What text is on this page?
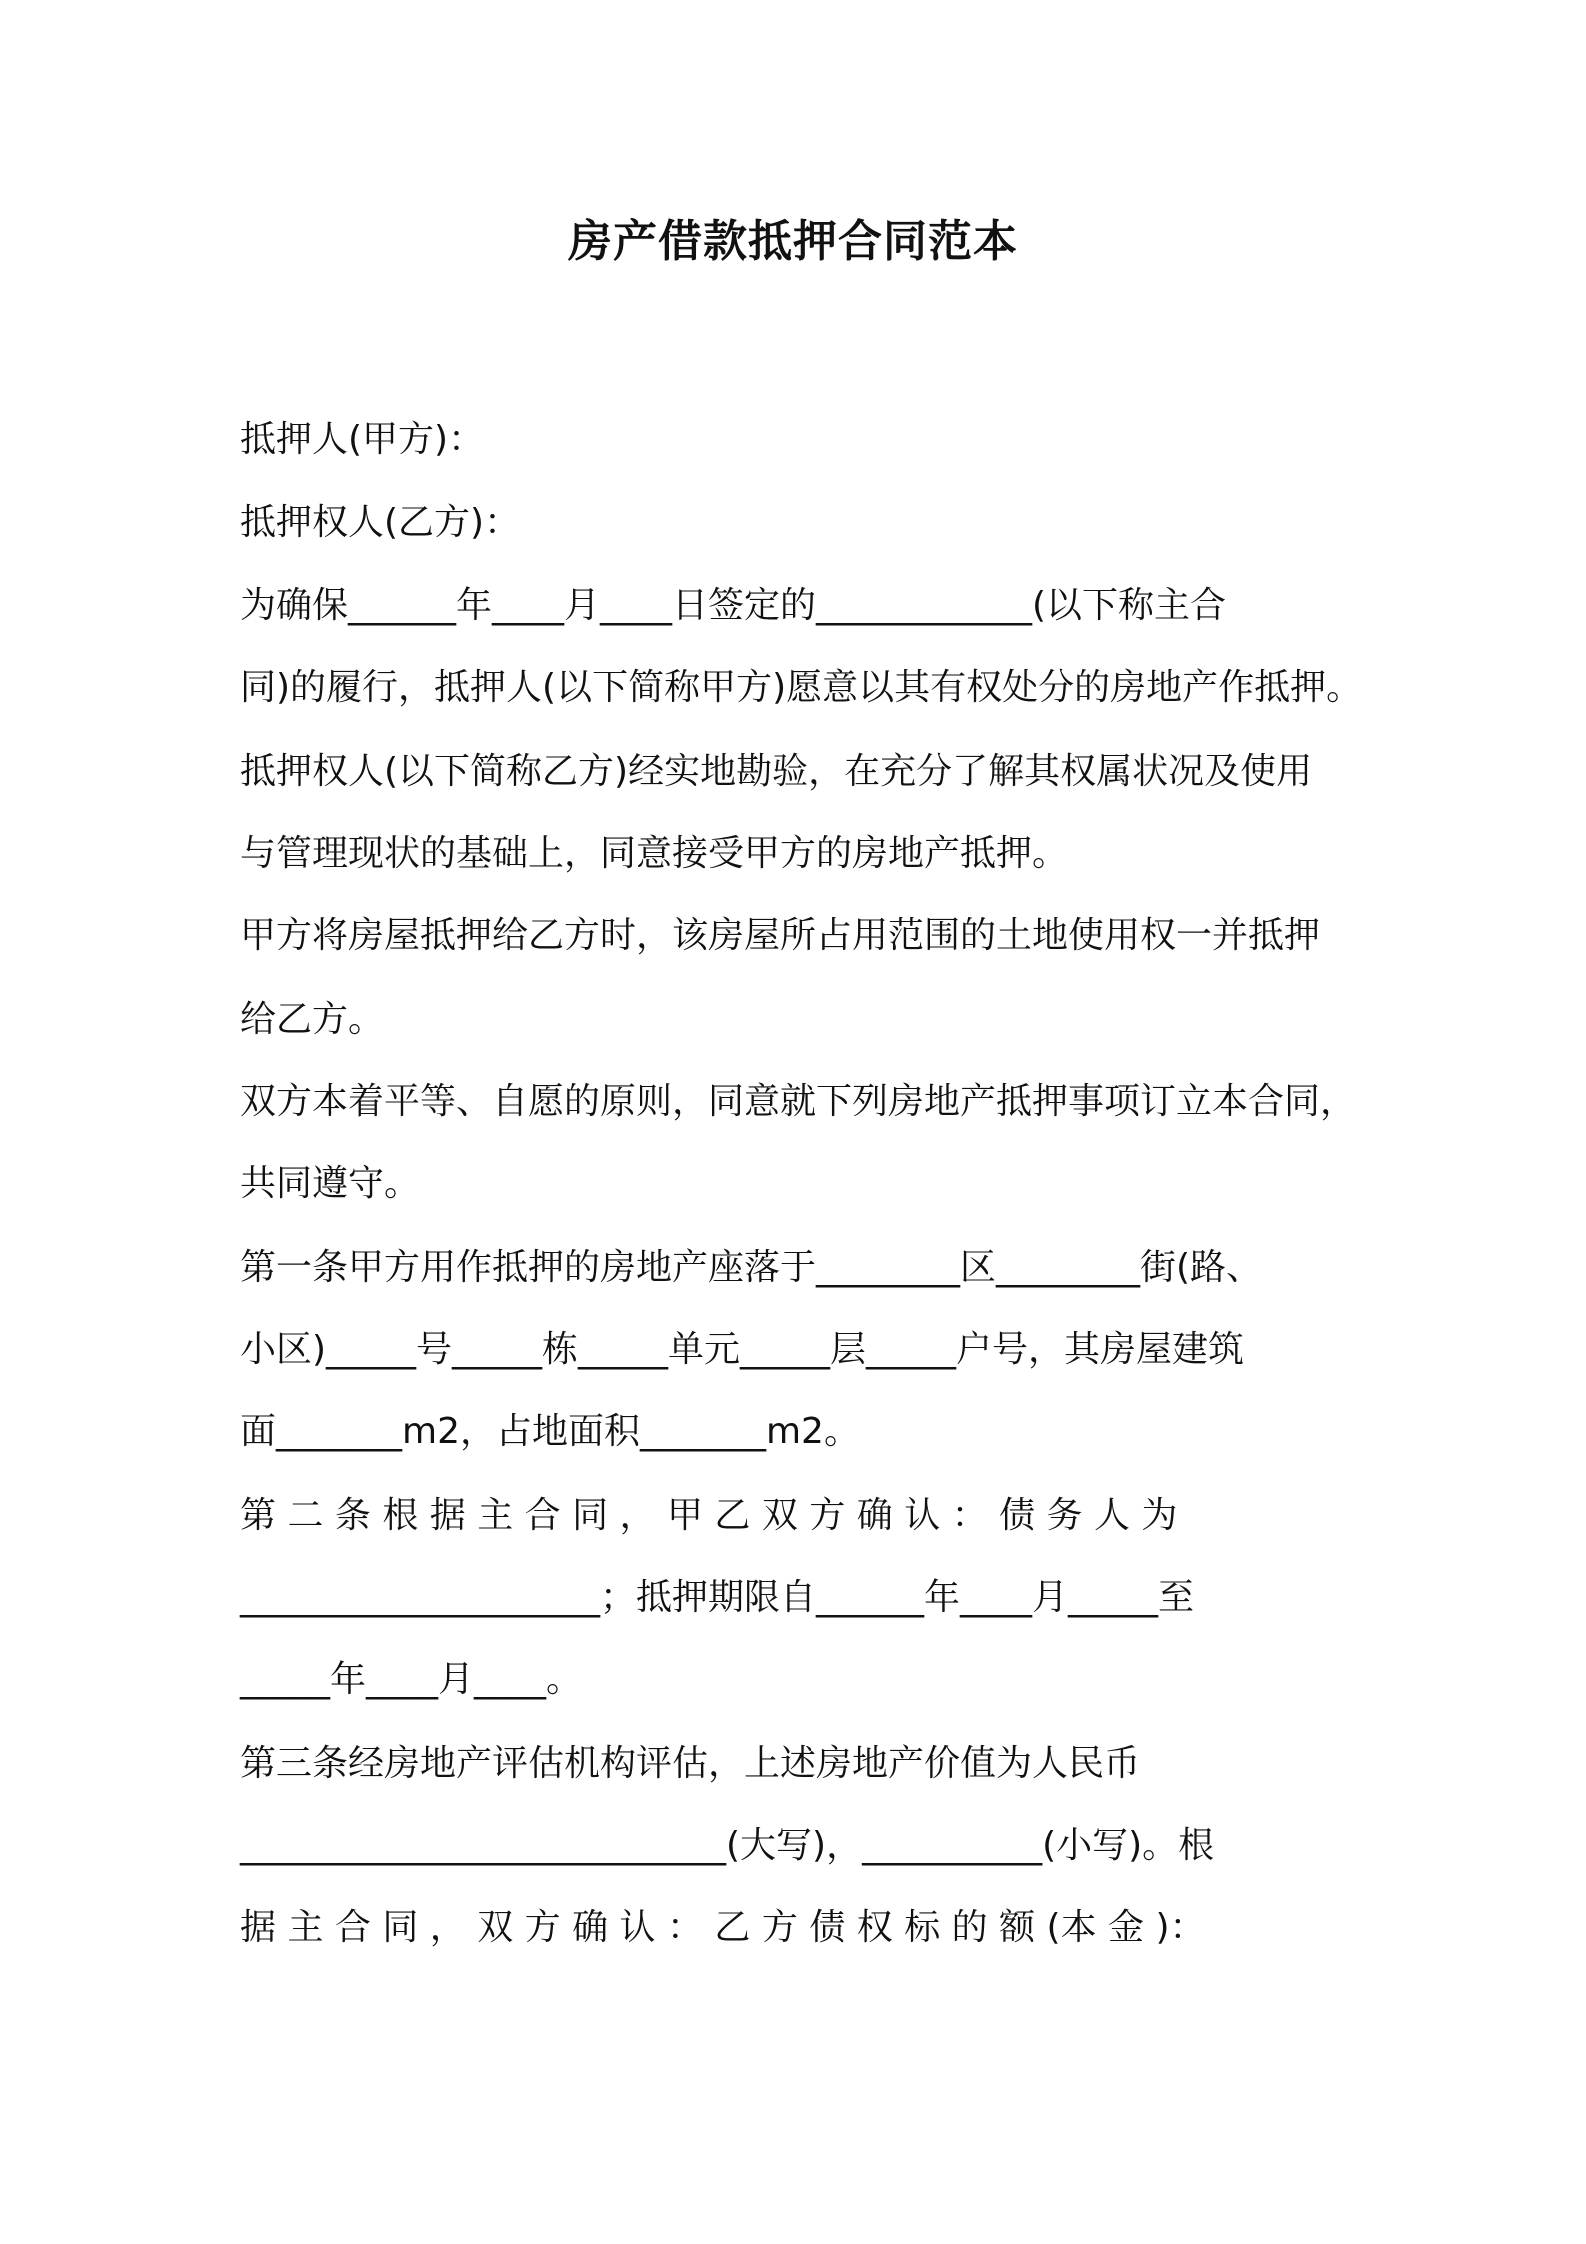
房产借款抵押合同范本
抵押人(甲方)：
抵押权人(乙方)：
为确保______年____月____日签定的____________(以下称主合
同)的履行，抵押人(以下简称甲方)愿意以其有权处分的房地产作抵押。
抵押权人(以下简称乙方)经实地勘验，在充分了解其权属状况及使用
与管理现状的基础上，同意接受甲方的房地产抵押。
甲方将房屋抵押给乙方时，该房屋所占用范围的土地使用权一并抵押
给乙方。
双方本着平等、自愿的原则，同意就下列房地产抵押事项订立本合同，
共同遵守。
第一条甲方用作抵押的房地产座落于________区________街(路、
小区)_____号_____栋_____单元_____层_____户号，其房屋建筑
面_______m2，占地面积_______m2。
第 二 条 根 据 主 合 同 ， 甲 乙 双 方 确 认 ： 债 务 人 为
____________________；抵押期限自______年____月_____至
_____年____月____。
第三条经房地产评估机构评估，上述房地产价值为人民币
___________________________(大写)，__________(小写)。根
据 主 合 同 ， 双 方 确 认 ： 乙 方 债 权 标 的 额 (本 金 )：
